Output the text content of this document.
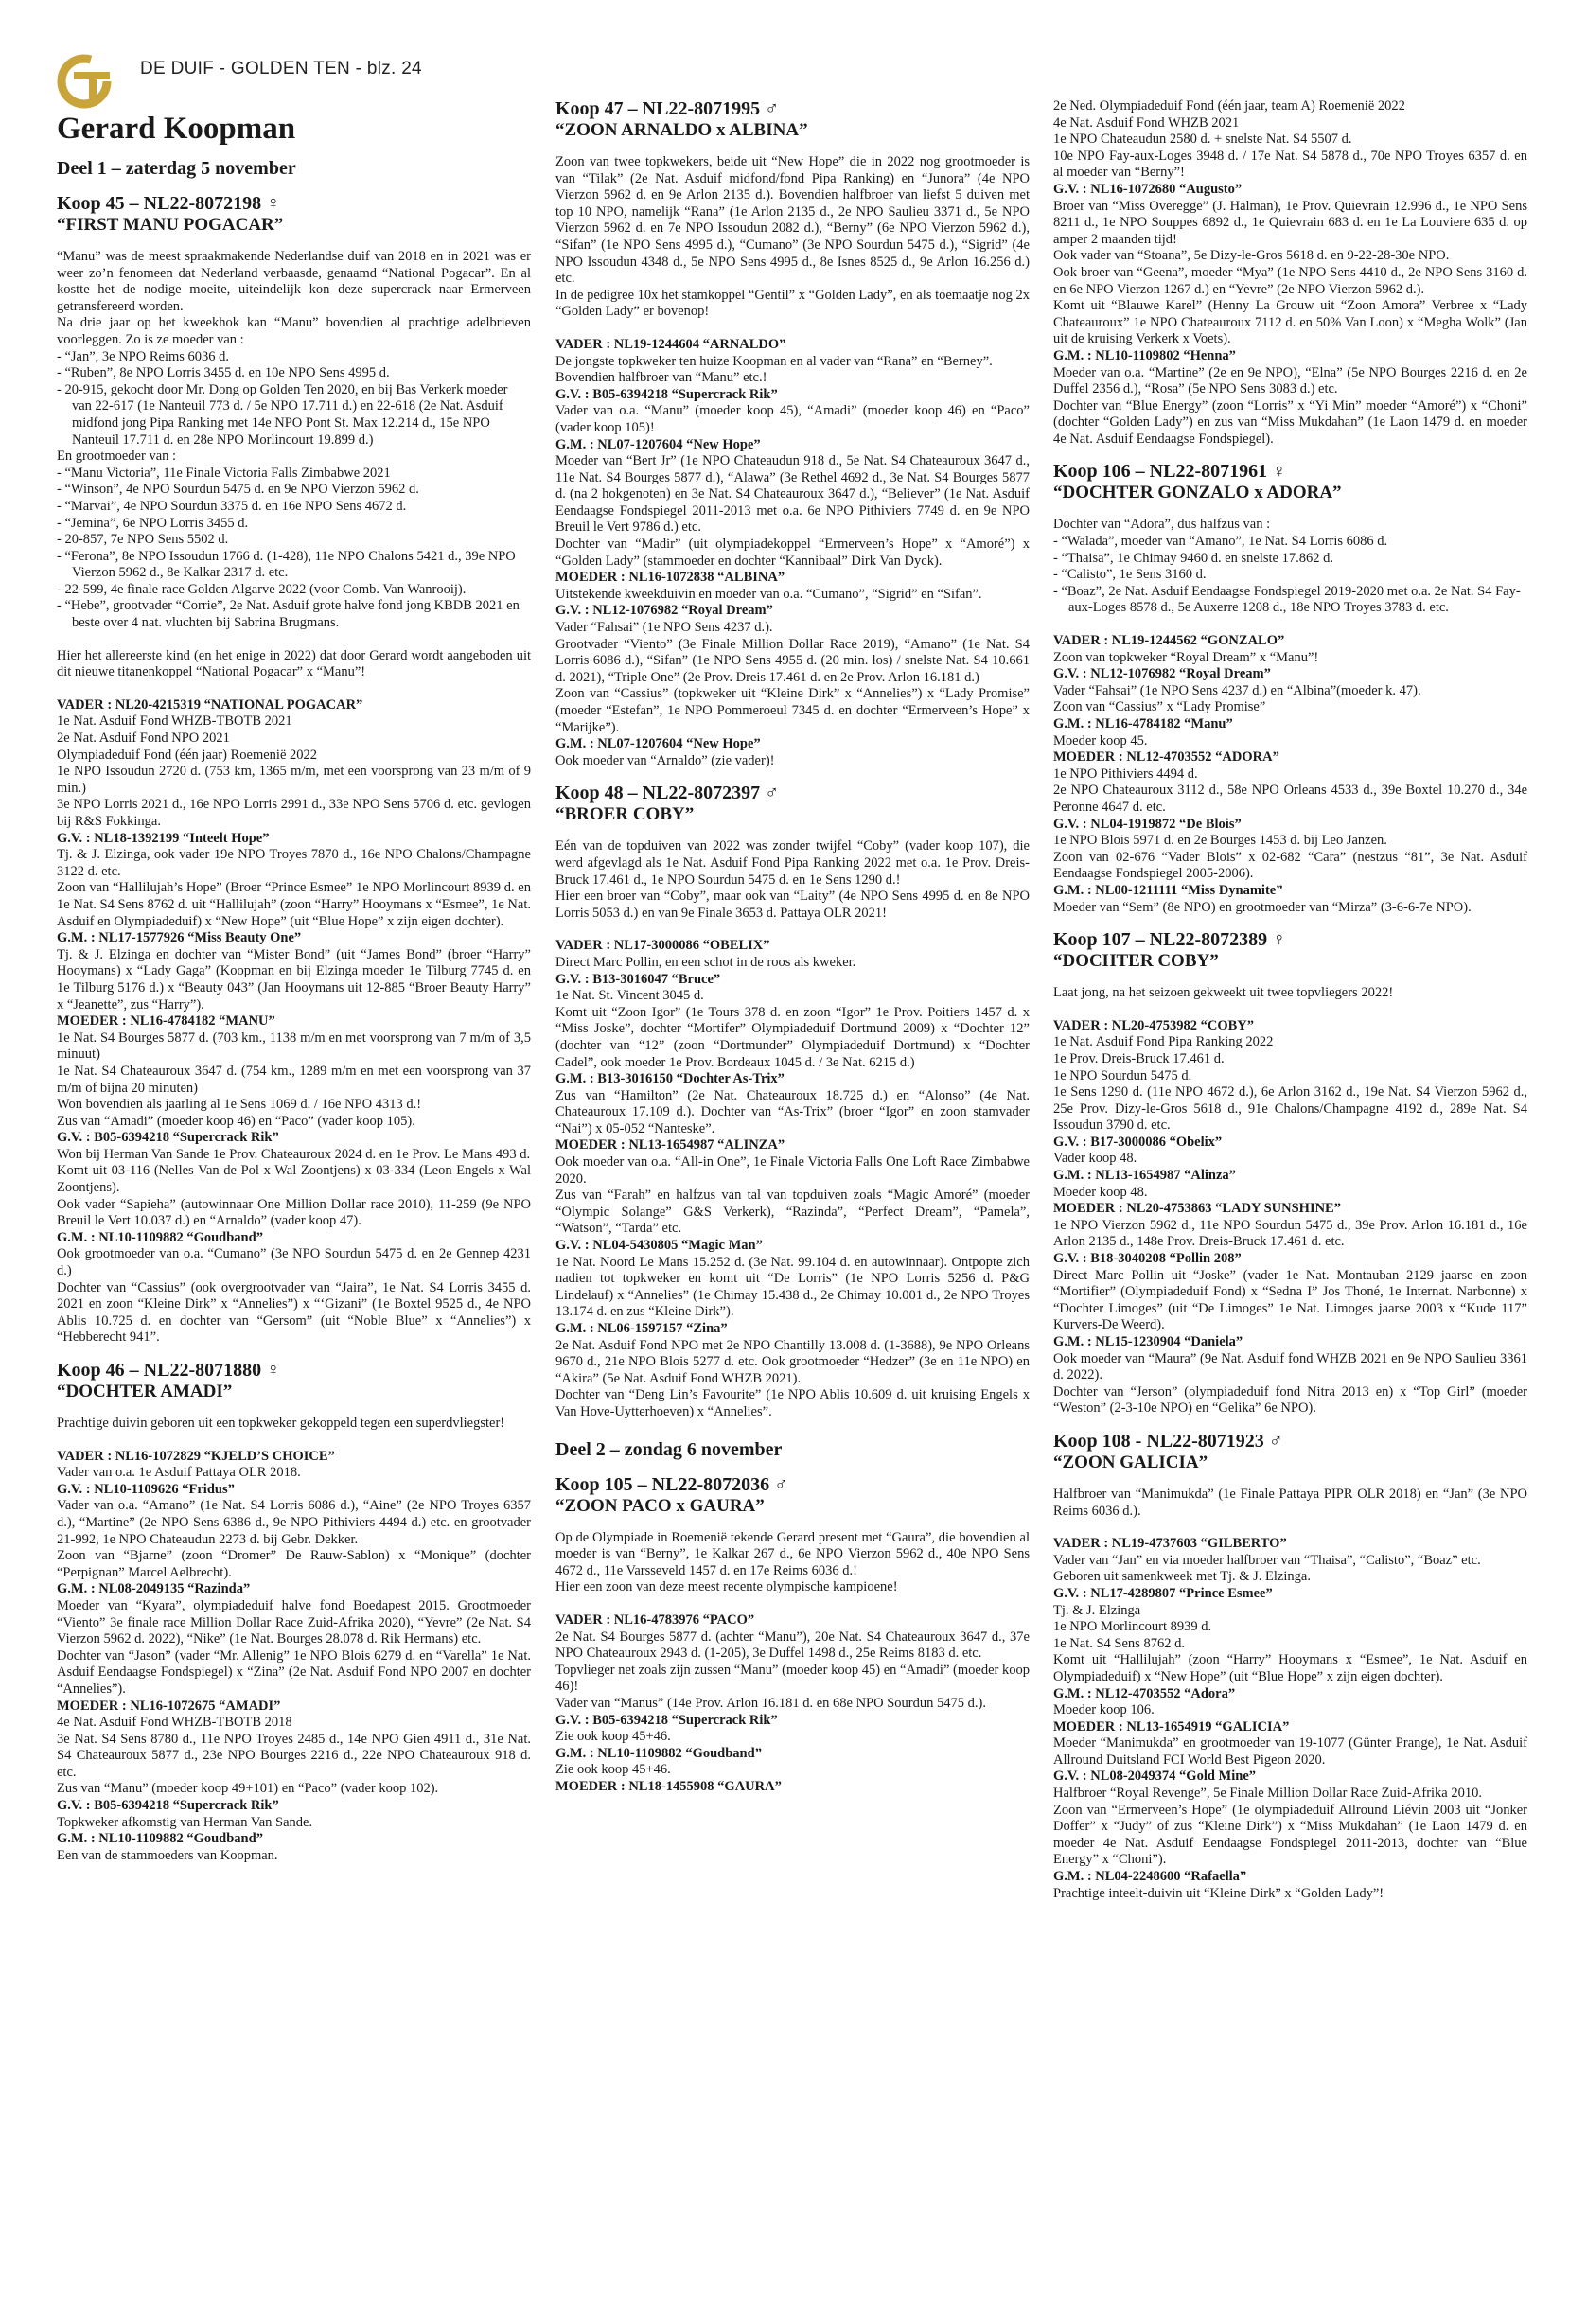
DE DUIF - GOLDEN TEN - blz. 24
Gerard Koopman
Deel 1 – zaterdag 5 november
Koop 45 – NL22-8072198 ♀
“FIRST MANU POGACAR”

“Manu” was de meest spraakmakende Nederlandse duif van 2018 en in 2021 was er weer zo’n fenomeen dat Nederland verbaasde, genaamd “National Pogacar”. En al kostte het de nodige moeite, uiteindelijk kon deze supercrack naar Ermerveen getransfereerd worden.

Na drie jaar op het kweekhok kan “Manu” bovendien al prachtige adelbrieven voorleggen. Zo is ze moeder van :

- “Jan”, 3e NPO Reims 6036 d.

- “Ruben”, 8e NPO Lorris 3455 d. en 10e NPO Sens 4995 d.

- 20-915, gekocht door Mr. Dong op Golden Ten 2020, en bij Bas Verkerk moeder van 22-617 (1e Nanteuil 773 d. / 5e NPO 17.711 d.) en 22-618 (2e Nat. Asduif midfond jong Pipa Ranking met 14e NPO Pont St. Max 12.214 d., 15e NPO Nanteuil 17.711 d. en 28e NPO Morlincourt 19.899 d.)

En grootmoeder van :

- “Manu Victoria”, 11e Finale Victoria Falls Zimbabwe 2021

- “Winson”, 4e NPO Sourdun 5475 d. en 9e NPO Vierzon 5962 d.

- “Marvai”, 4e NPO Sourdun 3375 d. en 16e NPO Sens 4672 d.

- “Jemina”, 6e NPO Lorris 3455 d.

- 20-857, 7e NPO Sens 5502 d.

- “Ferona”, 8e NPO Issoudun 1766 d. (1-428), 11e NPO Chalons 5421 d., 39e NPO Vierzon 5962 d., 8e Kalkar 2317 d. etc.

- 22-599, 4e finale race Golden Algarve 2022 (voor Comb. Van Wanrooij).

- “Hebe”, grootvader “Corrie”, 2e Nat. Asduif grote halve fond jong KBDB 2021 en beste over 4 nat. vluchten bij Sabrina Brugmans.

Hier het allereerste kind (en het enige in 2022) dat door Gerard wordt aangeboden uit dit nieuwe titanenkoppel “National Pogacar” x “Manu”!

VADER : NL20-4215319 “NATIONAL POGACAR”

1e Nat. Asduif Fond WHZB-TBOTB 2021

2e Nat. Asduif Fond NPO 2021

Olympiadeduif Fond (één jaar) Roemenië 2022

1e NPO Issoudun 2720 d. (753 km, 1365 m/m, met een voorsprong van 23 m/m of 9 min.)

3e NPO Lorris 2021 d., 16e NPO Lorris 2991 d., 33e NPO Sens 5706 d. etc. gevlogen bij R&S Fokkinga.

G.V. : NL18-1392199 “Inteelt Hope”

Tj. & J. Elzinga, ook vader 19e NPO Troyes 7870 d., 16e NPO Chalons/Champagne 3122 d. etc.

Zoon van “Hallilujah’s Hope” (Broer “Prince Esmee” 1e NPO Morlincourt 8939 d. en 1e Nat. S4 Sens 8762 d. uit “Hallilujah” (zoon “Harry” Hooymans x “Esmee”, 1e Nat. Asduif en Olympiadeduif) x “New Hope” (uit “Blue Hope” x zijn eigen dochter).

G.M. : NL17-1577926 “Miss Beauty One”

Tj. & J. Elzinga en dochter van “Mister Bond” (uit “James Bond” (broer “Harry” Hooymans) x “Lady Gaga” (Koopman en bij Elzinga moeder 1e Tilburg 7745 d. en 1e Tilburg 5176 d.) x “Beauty 043” (Jan Hooymans uit 12-885 “Broer Beauty Harry” x “Jeanette”, zus “Harry”).

MOEDER : NL16-4784182 “MANU”

1e Nat. S4 Bourges 5877 d. (703 km., 1138 m/m en met voorsprong van 7 m/m of 3,5 minuut)

1e Nat. S4 Chateauroux 3647 d. (754 km., 1289 m/m en met een voorsprong van 37 m/m of bijna 20 minuten)

Won bovendien als jaarling al 1e Sens 1069 d. / 16e NPO 4313 d.!

Zus van “Amadi” (moeder koop 46) en “Paco” (vader koop 105).

G.V. : B05-6394218 “Supercrack Rik”

Won bij Herman Van Sande 1e Prov. Chateauroux 2024 d. en 1e Prov. Le Mans 493 d.

Komt uit 03-116 (Nelles Van de Pol x Wal Zoontjens) x 03-334 (Leon Engels x Wal Zoontjens).

Ook vader “Sapieha” (autowinnaar One Million Dollar race 2010), 11-259 (9e NPO Breuil le Vert 10.037 d.) en “Arnaldo” (vader koop 47).

G.M. : NL10-1109882 “Goudband”

Ook grootmoeder van o.a. “Cumano” (3e NPO Sourdun 5475 d. en 2e Gennep 4231 d.)

Dochter van “Cassius” (ook overgrootvader van “Jaira”, 1e Nat. S4 Lorris 3455 d. 2021 en zoon “Kleine Dirk” x “Annelies”) x “‘Gizani” (1e Boxtel 9525 d., 4e NPO Ablis 10.725 d. en dochter van “Gersom” (uit “Noble Blue” x “Annelies”) x “Hebberecht 941”.

Koop 46 – NL22-8071880 ♀
“DOCHTER AMADI”

Prachtige duivin geboren uit een topkweker gekoppeld tegen een superdvliegster!

VADER : NL16-1072829 “KJELD’S CHOICE”

Vader van o.a. 1e Asduif Pattaya OLR 2018.

G.V. : NL10-1109626 “Fridus”

Vader van o.a. “Amano” (1e Nat. S4 Lorris 6086 d.), “Aine” (2e NPO Troyes 6357 d.), “Martine” (2e NPO Sens 6386 d., 9e NPO Pithiviers 4494 d.) etc. en grootvader 21-992, 1e NPO Chateaudun 2273 d. bij Gebr. Dekker.

Zoon van “Bjarne” (zoon “Dromer” De Rauw-Sablon) x “Monique” (dochter “Perpignan” Marcel Aelbrecht).

G.M. : NL08-2049135 “Razinda”

Moeder van “Kyara”, olympiadeduif halve fond Boedapest 2015. Grootmoeder “Viento” 3e finale race Million Dollar Race Zuid-Afrika 2020), “Yevre” (2e Nat. S4 Vierzon 5962 d. 2022), “Nike” (1e Nat. Bourges 28.078 d. Rik Hermans) etc.

Dochter van “Jason” (vader “Mr. Allenig” 1e NPO Blois 6279 d. en “Varella” 1e Nat. Asduif Eendaagse Fondspiegel) x “Zina” (2e Nat. Asduif Fond NPO 2007 en dochter “Annelies”).

MOEDER : NL16-1072675 “AMADI”

4e Nat. Asduif Fond WHZB-TBOTB 2018

3e Nat. S4 Sens 8780 d., 11e NPO Troyes 2485 d., 14e NPO Gien 4911 d., 31e Nat. S4 Chateauroux 5877 d., 23e NPO Bourges 2216 d., 22e NPO Chateauroux 918 d. etc.

Zus van “Manu” (moeder koop 49+101) en “Paco” (vader koop 102).

G.V. : B05-6394218 “Supercrack Rik”

Topkweker afkomstig van Herman Van Sande.

G.M. : NL10-1109882 “Goudband”

Een van de stammoeders van Koopman.

Koop 47 – NL22-8071995 ♂
“ZOON ARNALDO x ALBINA”

Zoon van twee topkwekers, beide uit “New Hope” die in 2022 nog grootmoeder is van “Tilak” (2e Nat. Asduif midfond/fond Pipa Ranking) en “Junora” (4e NPO Vierzon 5962 d. en 9e Arlon 2135 d.). Bovendien halfbroer van liefst 5 duiven met top 10 NPO, namelijk “Rana” (1e Arlon 2135 d., 2e NPO Saulieu 3371 d., 5e NPO Vierzon 5962 d. en 7e NPO Issoudun 2082 d.), “Berny” (6e NPO Vierzon 5962 d.), “Sifan” (1e NPO Sens 4995 d.), “Cumano” (3e NPO Sourdun 5475 d.), “Sigrid” (4e NPO Issoudun 4348 d., 5e NPO Sens 4995 d., 8e Isnes 8525 d., 9e Arlon 16.256 d.) etc.

In de pedigree 10x het stamkoppel “Gentil” x “Golden Lady”, en als toemaatje nog 2x “Golden Lady” er bovenop!

VADER : NL19-1244604 “ARNALDO”

De jongste topkweker ten huize Koopman en al vader van “Rana” en “Berney”.

Bovendien halfbroer van “Manu” etc.!

G.V. : B05-6394218 “Supercrack Rik”

Vader van o.a. “Manu” (moeder koop 45), “Amadi” (moeder koop 46) en “Paco” (vader koop 105)!

G.M. : NL07-1207604 “New Hope”

Moeder van “Bert Jr” (1e NPO Chateaudun 918 d., 5e Nat. S4 Chateauroux 3647 d., 11e Nat. S4 Bourges 5877 d.), “Alawa” (3e Rethel 4692 d., 3e Nat. S4 Bourges 5877 d. (na 2 hokgenoten) en 3e Nat. S4 Chateauroux 3647 d.), “Believer” (1e Nat. Asduif Eendaagse Fondspiegel 2011-2013 met o.a. 6e NPO Pithiviers 7749 d. en 9e NPO Breuil le Vert 9786 d.) etc.

Dochter van “Madir” (uit olympiadekoppel “Ermerveen’s Hope” x “Amoré”) x “Golden Lady” (stammoeder en dochter “Kannibaal” Dirk Van Dyck).

MOEDER : NL16-1072838 “ALBINA”

Uitstekende kweekduivin en moeder van o.a. “Cumano”, “Sigrid” en “Sifan”.

G.V. : NL12-1076982 “Royal Dream”

Vader “Fahsai” (1e NPO Sens 4237 d.).

Grootvader “Viento” (3e Finale Million Dollar Race 2019), “Amano” (1e Nat. S4 Lorris 6086 d.), “Sifan” (1e NPO Sens 4955 d. (20 min. los) / snelste Nat. S4 10.661 d. 2021), “Triple One” (2e Prov. Dreis 17.461 d. en 2e Prov. Arlon 16.181 d.)

Zoon van “Cassius” (topkweker uit “Kleine Dirk” x “Annelies”) x “Lady Promise” (moeder “Estefan”, 1e NPO Pommeroeul 7345 d. en dochter “Ermerveen’s Hope” x “Marijke”).

G.M. : NL07-1207604 “New Hope”

Ook moeder van “Arnaldo” (zie vader)!

Koop 48 – NL22-8072397 ♂
“BROER COBY”

Eén van de topduiven van 2022 was zonder twijfel “Coby” (vader koop 107), die werd afgevlagd als 1e Nat. Asduif Fond Pipa Ranking 2022 met o.a. 1e Prov. Dreis-Bruck 17.461 d., 1e NPO Sourdun 5475 d. en 1e Sens 1290 d.!

Hier een broer van “Coby”, maar ook van “Laity” (4e NPO Sens 4995 d. en 8e NPO Lorris 5053 d.) en van 9e Finale 3653 d. Pattaya OLR 2021!

VADER : NL17-3000086 “OBELIX”

Direct Marc Pollin, en een schot in de roos als kweker.

G.V. : B13-3016047 “Bruce”

1e Nat. St. Vincent 3045 d.

Komt uit “Zoon Igor” (1e Tours 378 d. en zoon “Igor” 1e Prov. Poitiers 1457 d. x “Miss Joske”, dochter “Mortifer” Olympiadeduif Dortmund 2009) x “Dochter 12” (dochter van “12” (zoon “Dortmunder” Olympiadeduif Dortmund) x “Dochter Cadel”, ook moeder 1e Prov. Bordeaux 1045 d. / 3e Nat. 6215 d.)

G.M. : B13-3016150 “Dochter As-Trix”

Zus van “Hamilton” (2e Nat. Chateauroux 18.725 d.) en “Alonso” (4e Nat. Chateauroux 17.109 d.). Dochter van “As-Trix” (broer “Igor” en zoon stamvader “Nai”) x 05-052 “Nanteske”.

MOEDER : NL13-1654987 “ALINZA”

Ook moeder van o.a. “All-in One”, 1e Finale Victoria Falls One Loft Race Zimbabwe 2020.

Zus van “Farah” en halfzus van tal van topduiven zoals “Magic Amoré” (moeder “Olympic Solange” G&S Verkerk), “Razinda”, “Perfect Dream”, “Pamela”, “Watson”, “Tarda” etc.

G.V. : NL04-5430805 “Magic Man”

1e Nat. Noord Le Mans 15.252 d. (3e Nat. 99.104 d. en autowinnaar). Ontpopte zich nadien tot topkweker en komt uit “De Lorris” (1e NPO Lorris 5256 d. P&G Lindelauf) x “Annelies” (1e Chimay 15.438 d., 2e Chimay 10.001 d., 2e NPO Troyes 13.174 d. en zus “Kleine Dirk”).

G.M. : NL06-1597157 “Zina”

2e Nat. Asduif Fond NPO met 2e NPO Chantilly 13.008 d. (1-3688), 9e NPO Orleans 9670 d., 21e NPO Blois 5277 d. etc. Ook grootmoeder “Hedzer” (3e en 11e NPO) en “Akira” (5e Nat. Asduif Fond WHZB 2021).

Dochter van “Deng Lin’s Favourite” (1e NPO Ablis 10.609 d. uit kruising Engels x Van Hove-Uytterhoeven) x “Annelies”.

Deel 2 – zondag 6 november
Koop 105 – NL22-8072036 ♂
“ZOON PACO x GAURA”

Op de Olympiade in Roemenië tekende Gerard present met “Gaura”, die bovendien al moeder is van “Berny”, 1e Kalkar 267 d., 6e NPO Vierzon 5962 d., 40e NPO Sens 4672 d., 11e Varsseveld 1457 d. en 17e Reims 6036 d.!

Hier een zoon van deze meest recente olympische kampioene!

VADER : NL16-4783976 “PACO”

2e Nat. S4 Bourges 5877 d. (achter “Manu”), 20e Nat. S4 Chateauroux 3647 d., 37e NPO Chateauroux 2943 d. (1-205), 3e Duffel 1498 d., 25e Reims 8183 d. etc.

Topvlieger net zoals zijn zussen “Manu” (moeder koop 45) en “Amadi” (moeder koop 46)!

Vader van “Manus” (14e Prov. Arlon 16.181 d. en 68e NPO Sourdun 5475 d.).

G.V. : B05-6394218 “Supercrack Rik”

Zie ook koop 45+46.

G.M. : NL10-1109882 “Goudband”

Zie ook koop 45+46.

MOEDER : NL18-1455908 “GAURA”

2e Ned. Olympiadeduif Fond (één jaar, team A) Roemenië 2022

4e Nat. Asduif Fond WHZB 2021

1e NPO Chateaudun 2580 d. + snelste Nat. S4 5507 d.

10e NPO Fay-aux-Loges 3948 d. / 17e Nat. S4 5878 d., 70e NPO Troyes 6357 d. en al moeder van “Berny”!

G.V. : NL16-1072680 “Augusto”

Broer van “Miss Overegge” (J. Halman), 1e Prov. Quievrain 12.996 d., 1e NPO Sens 8211 d., 1e NPO Souppes 6892 d., 1e Quievrain 683 d. en 1e La Louviere 635 d. op amper 2 maanden tijd!

Ook vader van “Stoana”, 5e Dizy-le-Gros 5618 d. en 9-22-28-30e NPO.

Ook broer van “Geena”, moeder “Mya” (1e NPO Sens 4410 d., 2e NPO Sens 3160 d. en 6e NPO Vierzon 1267 d.) en “Yevre” (2e NPO Vierzon 5962 d.).

Komt uit “Blauwe Karel” (Henny La Grouw uit “Zoon Amora” Verbree x “Lady Chateauroux” 1e NPO Chateauroux 7112 d. en 50% Van Loon) x “Megha Wolk” (Jan uit de kruising Verkerk x Voets).

G.M. : NL10-1109802 “Henna”

Moeder van o.a. “Martine” (2e en 9e NPO), “Elna” (5e NPO Bourges 2216 d. en 2e Duffel 2356 d.), “Rosa” (5e NPO Sens 3083 d.) etc.

Dochter van “Blue Energy” (zoon “Lorris” x “Yi Min” moeder “Amoré”) x “Choni” (dochter “Golden Lady”) en zus van “Miss Mukdahan” (1e Laon 1479 d. en moeder 4e Nat. Asduif Eendaagse Fondspiegel).

Koop 106 – NL22-8071961 ♀
“DOCHTER GONZALO x ADORA”

Dochter van “Adora”, dus halfzus van :

- “Walada”, moeder van “Amano”, 1e Nat. S4 Lorris 6086 d.

- “Thaisa”, 1e Chimay 9460 d. en snelste 17.862 d.

- “Calisto”, 1e Sens 3160 d.

- “Boaz”, 2e Nat. Asduif Eendaagse Fondspiegel 2019-2020 met o.a. 2e Nat. S4 Fay-aux-Loges 8578 d., 5e Auxerre 1208 d., 18e NPO Troyes 3783 d. etc.

VADER : NL19-1244562 “GONZALO”

Zoon van topkweker “Royal Dream” x “Manu”!

G.V. : NL12-1076982 “Royal Dream”

Vader “Fahsai” (1e NPO Sens 4237 d.) en “Albina”(moeder k. 47).

Zoon van “Cassius” x “Lady Promise”

G.M. : NL16-4784182 “Manu”

Moeder koop 45.

MOEDER : NL12-4703552 “ADORA”

1e NPO Pithiviers 4494 d.

2e NPO Chateauroux 3112 d., 58e NPO Orleans 4533 d., 39e Boxtel 10.270 d., 34e Peronne 4647 d. etc.

G.V. : NL04-1919872 “De Blois”

1e NPO Blois 5971 d. en 2e Bourges 1453 d. bij Leo Janzen.

Zoon van 02-676 “Vader Blois” x 02-682 “Cara” (nestzus “81”, 3e Nat. Asduif Eendaagse Fondspiegel 2005-2006).

G.M. : NL00-1211111 “Miss Dynamite”

Moeder van “Sem” (8e NPO) en grootmoeder van “Mirza” (3-6-6-7e NPO).

Koop 107 – NL22-8072389 ♀
“DOCHTER COBY”

Laat jong, na het seizoen gekweekt uit twee topvliegers 2022!

VADER : NL20-4753982 “COBY”

1e Nat. Asduif Fond Pipa Ranking 2022

1e Prov. Dreis-Bruck 17.461 d.

1e NPO Sourdun 5475 d.

1e Sens 1290 d. (11e NPO 4672 d.), 6e Arlon 3162 d., 19e Nat. S4 Vierzon 5962 d., 25e Prov. Dizy-le-Gros 5618 d., 91e Chalons/Champagne 4192 d., 289e Nat. S4 Issoudun 3790 d. etc.

G.V. : B17-3000086 “Obelix”

Vader koop 48.

G.M. : NL13-1654987 “Alinza”

Moeder koop 48.

MOEDER : NL20-4753863 “LADY SUNSHINE”

1e NPO Vierzon 5962 d., 11e NPO Sourdun 5475 d., 39e Prov. Arlon 16.181 d., 16e Arlon 2135 d., 148e Prov. Dreis-Bruck 17.461 d. etc.

G.V. : B18-3040208 “Pollin 208”

Direct Marc Pollin uit “Joske” (vader 1e Nat. Montauban 2129 jaarse en zoon “Mortifier” (Olympiadeduif Fond) x “Sedna I” Jos Thoné, 1e Internat. Narbonne) x “Dochter Limoges” (uit “De Limoges” 1e Nat. Limoges jaarse 2003 x “Kude 117” Kurvers-De Weerd).

G.M. : NL15-1230904 “Daniela”

Ook moeder van “Maura” (9e Nat. Asduif fond WHZB 2021 en 9e NPO Saulieu 3361 d. 2022).

Dochter van “Jerson” (olympiadeduif fond Nitra 2013 en) x “Top Girl” (moeder “Weston” (2-3-10e NPO) en “Gelika” 6e NPO).

Koop 108 - NL22-8071923 ♂
“ZOON GALICIA”

Halfbroer van “Manimukda” (1e Finale Pattaya PIPR OLR 2018) en “Jan” (3e NPO Reims 6036 d.).

VADER : NL19-4737603 “GILBERTO”

Vader van “Jan” en via moeder halfbroer van “Thaisa”, “Calisto”, “Boaz” etc.

Geboren uit samenkweek met Tj. & J. Elzinga.

G.V. : NL17-4289807 “Prince Esmee”

Tj. & J. Elzinga

1e NPO Morlincourt 8939 d.

1e Nat. S4 Sens 8762 d.

Komt uit “Hallilujah” (zoon “Harry” Hooymans x “Esmee”, 1e Nat. Asduif en Olympiadeduif) x “New Hope” (uit “Blue Hope” x zijn eigen dochter).

G.M. : NL12-4703552 “Adora”

Moeder koop 106.

MOEDER : NL13-1654919 “GALICIA”

Moeder “Manimukda” en grootmoeder van 19-1077 (Günter Prange), 1e Nat. Asduif Allround Duitsland FCI World Best Pigeon 2020.

G.V. : NL08-2049374 “Gold Mine”

Halfbroer “Royal Revenge”, 5e Finale Million Dollar Race Zuid-Afrika 2010.

Zoon van “Ermerveen’s Hope” (1e olympiadeduif Allround Liévin 2003 uit “Jonker Doffer” x “Judy” of zus “Kleine Dirk”) x “Miss Mukdahan” (1e Laon 1479 d. en moeder 4e Nat. Asduif Eendaagse Fondspiegel 2011-2013, dochter van “Blue Energy” x “Choni”).

G.M. : NL04-2248600 “Rafaella”

Prachtige inteelt-duivin uit “Kleine Dirk” x “Golden Lady”!
